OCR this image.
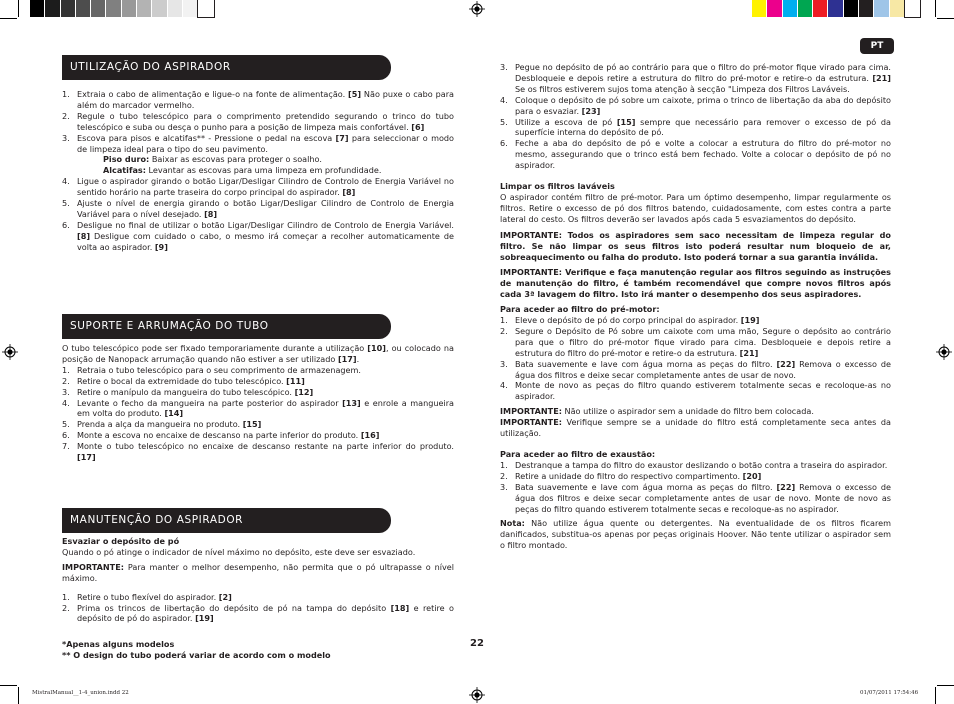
PT
UTILIZAÇÃO DO ASPIRADOR
1. Extraia o cabo de alimentação e ligue-o na fonte de alimentação. [5] Não puxe o cabo para além do marcador vermelho.
2. Regule o tubo telescópico para o comprimento pretendido segurando o trinco do tubo telescópico e suba ou desça o punho para a posição de limpeza mais confortável. [6]
3. Escova para pisos e alcatifas** - Pressione o pedal na escova [7] para seleccionar o modo de limpeza ideal para o tipo do seu pavimento.
Piso duro: Baixar as escovas para proteger o soalho.
Alcatifas: Levantar as escovas para uma limpeza em profundidade.
4. Ligue o aspirador girando o botão Ligar/Desligar Cilindro de Controlo de Energia Variável no sentido horário na parte traseira do corpo principal do aspirador. [8]
5. Ajuste o nível de energia girando o botão Ligar/Desligar Cilindro de Controlo de Energia Variável para o nível desejado. [8]
6. Desligue no final de utilizar o botão Ligar/Desligar Cilindro de Controlo de Energia Variável. [8] Desligue com cuidado o cabo, o mesmo irá começar a recolher automaticamente de volta ao aspirador. [9]
SUPORTE E ARRUMAÇÃO DO TUBO

O tubo telescópico pode ser fixado temporariamente durante a utilização [10], ou colocado na posição de Nanopack arrumação quando não estiver a ser utilizado [17].

1. Retraia o tubo telescópico para o seu comprimento de armazenagem.
2. Retire o bocal da extremidade do tubo telescópico. [11]
3. Retire o manípulo da mangueira do tubo telescópico. [12]
4. Levante o fecho da mangueira na parte posterior do aspirador [13] e enrole a mangueira em volta do produto. [14]
5. Prenda a alça da mangueira no produto. [15]
6. Monte a escova no encaixe de descanso na parte inferior do produto. [16]
7. Monte o tubo telescópico no encaixe de descanso restante na parte inferior do produto. [17]
MANUTENÇÃO DO ASPIRADOR

Esvaziar o depósito de pó

Quando o pó atinge o indicador de nível máximo no depósito, este deve ser esvaziado.

IMPORTANTE: Para manter o melhor desempenho, não permita que o pó ultrapasse o nível máximo.

1. Retire o tubo flexível do aspirador. [2]
2. Prima os trincos de libertação do depósito de pó na tampa do depósito [18] e retire o depósito de pó do aspirador. [19]

*Apenas alguns modelos

** O design do tubo poderá variar de acordo com o modelo

22
3. Pegue no depósito de pó ao contrário para que o filtro do pré-motor fique virado para cima. Desbloqueie e depois retire a estrutura do filtro do pré-motor e retire-o da estrutura. [21] Se os filtros estiverem sujos toma atenção à secção "Limpeza dos Filtros Laváveis.
4. Coloque o depósito de pó sobre um caixote, prima o trinco de libertação da aba do depósito para o esvaziar. [23]
5. Utilize a escova de pó [15] sempre que necessário para remover o excesso de pó da superfície interna do depósito de pó.
6. Feche a aba do depósito de pó e volte a colocar a estrutura do filtro do pré-motor no mesmo, assegurando que o trinco está bem fechado. Volte a colocar o depósito de pó no aspirador.

Limpar os filtros laváveis

O aspirador contém filtro de pré-motor. Para um óptimo desempenho, limpar regularmente os filtros. Retire o excesso de pó dos filtros batendo, cuidadosamente, com estes contra a parte lateral do cesto. Os filtros deverão ser lavados após cada 5 esvaziamentos do depósito.

IMPORTANTE: Todos os aspiradores sem saco necessitam de limpeza regular do filtro. Se não limpar os seus filtros isto poderá resultar num bloqueio de ar, sobreaquecimento ou falha do produto. Isto poderá tornar a sua garantia inválida.

IMPORTANTE: Verifique e faça manutenção regular aos filtros seguindo as instruções de manutenção do filtro, é também recomendável que compre novos filtros após cada 3ª lavagem do filtro. Isto irá manter o desempenho dos seus aspiradores.

Para aceder ao filtro do pré-motor:

1. Eleve o depósito de pó do corpo principal do aspirador. [19]
2. Segure o Depósito de Pó sobre um caixote com uma mão, Segure o depósito ao contrário para que o filtro do pré-motor fique virado para cima. Desbloqueie e depois retire a estrutura do filtro do pré-motor e retire-o da estrutura. [21]
3. Bata suavemente e lave com água morna as peças do filtro. [22] Remova o excesso de água dos filtros e deixe secar completamente antes de usar de novo.
4. Monte de novo as peças do filtro quando estiverem totalmente secas e recoloque-as no aspirador.

IMPORTANTE: Não utilize o aspirador sem a unidade do filtro bem colocada.

IMPORTANTE: Verifique sempre se a unidade do filtro está completamente seca antes da utilização.

Para aceder ao filtro de exaustão:

1. Destranque a tampa do filtro do exaustor deslizando o botão contra a traseira do aspirador.
2. Retire a unidade do filtro do respectivo compartimento. [20]
3. Bata suavemente e lave com água morna as peças do filtro. [22] Remova o excesso de água dos filtros e deixe secar completamente antes de usar de novo. Monte de novo as peças do filtro quando estiverem totalmente secas e recoloque-as no aspirador.

Nota: Não utilize água quente ou detergentes. Na eventualidade de os filtros ficarem danificados, substitua-os apenas por peças originais Hoover. Não tente utilizar o aspirador sem o filtro montado.

MistralManual__1-4_union.indd 22	01/07/2011 17:54:46
